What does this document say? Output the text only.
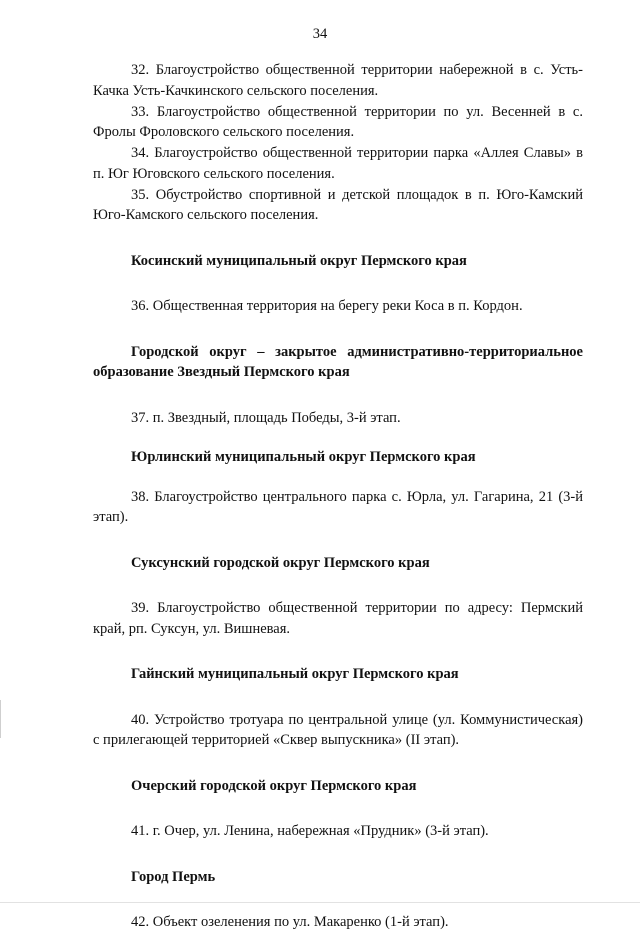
34

32. Благоустройство общественной территории набережной в с. Усть-Качка Усть-Качкинского сельского поселения.

33. Благоустройство общественной территории по ул. Весенней в с. Фролы Фроловского сельского поселения.

34. Благоустройство общественной территории парка «Аллея Славы» в п. Юг Юговского сельского поселения.

35. Обустройство спортивной и детской площадок в п. Юго-Камский Юго-Камского сельского поселения.

Косинский муниципальный округ Пермского края

36. Общественная территория на берегу реки Коса в п. Кордон.

Городской округ – закрытое административно-территориальное образование Звездный Пермского края

37. п. Звездный, площадь Победы, 3-й этап.

Юрлинский муниципальный округ Пермского края

38. Благоустройство центрального парка с. Юрла, ул. Гагарина, 21 (3-й этап).

Суксунский городской округ Пермского края

39. Благоустройство общественной территории по адресу: Пермский край, рп. Суксун, ул. Вишневая.

Гайнский муниципальный округ Пермского края

40. Устройство тротуара по центральной улице (ул. Коммунистическая) с прилегающей территорией «Сквер выпускника» (II этап).

Очерский городской округ Пермского края

41. г. Очер, ул. Ленина, набережная «Прудник» (3-й этап).

Город Пермь

42. Объект озеленения по ул. Макаренко (1-й этап).
